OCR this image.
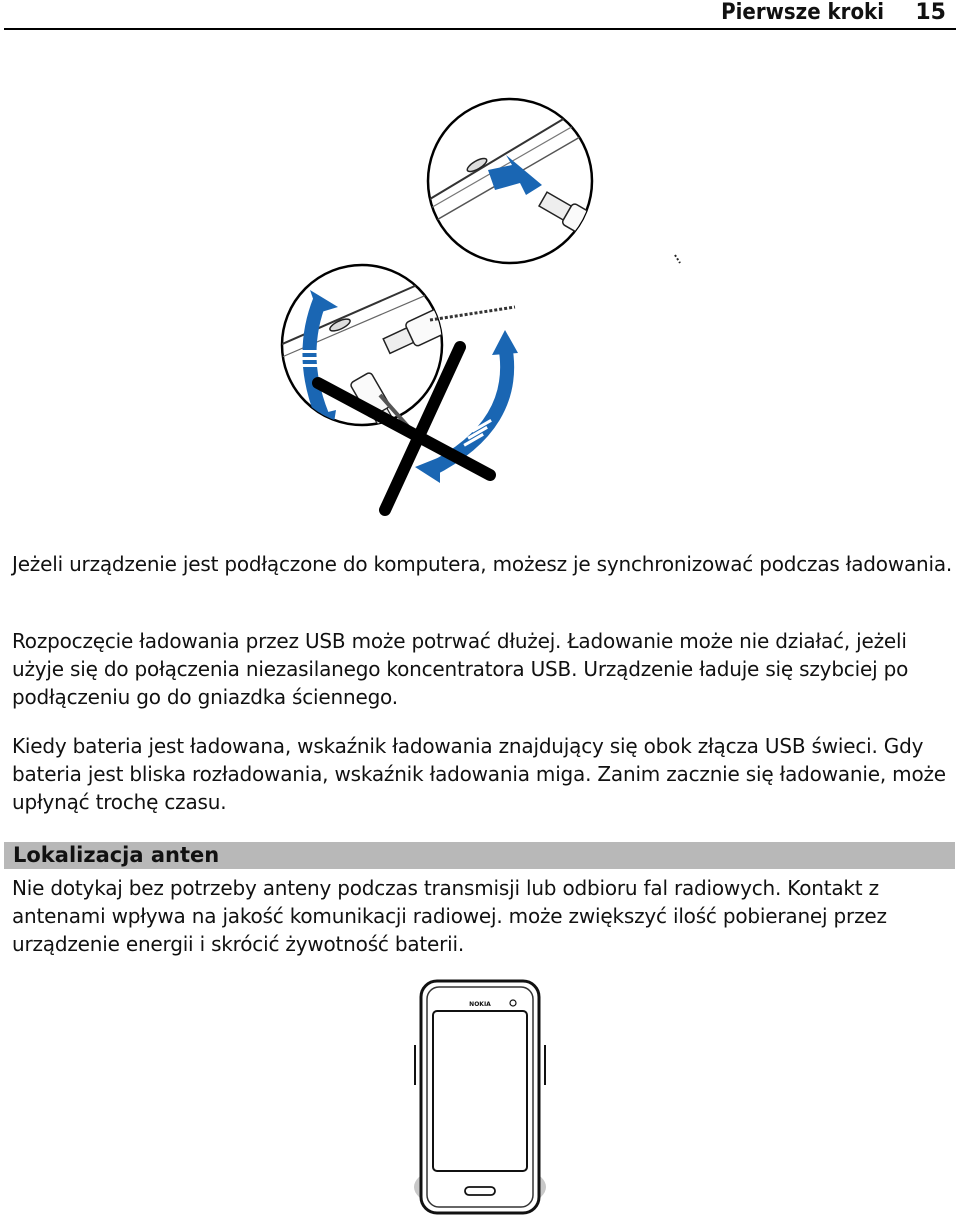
Pierwsze kroki 15

Jeżeli urządzenie jest podłączone do komputera, możesz je synchronizować podczas ładowania.

Rozpoczęcie ładowania przez USB może potrwać dłużej. Ładowanie może nie działać, jeżeli użyje się do połączenia niezasilanego koncentratora USB. Urządzenie ładuje się szybciej po podłączeniu go do gniazdka ściennego.

Kiedy bateria jest ładowana, wskaźnik ładowania znajdujący się obok złącza USB świeci. Gdy bateria jest bliska rozładowania, wskaźnik ładowania miga. Zanim zacznie się ładowanie, może upłynąć trochę czasu.

Lokalizacja anten

Nie dotykaj bez potrzeby anteny podczas transmisji lub odbioru fal radiowych. Kontakt z antenami wpływa na jakość komunikacji radiowej. może zwiększyć ilość pobieranej przez urządzenie energii i skrócić żywotność baterii.

NOKIA
